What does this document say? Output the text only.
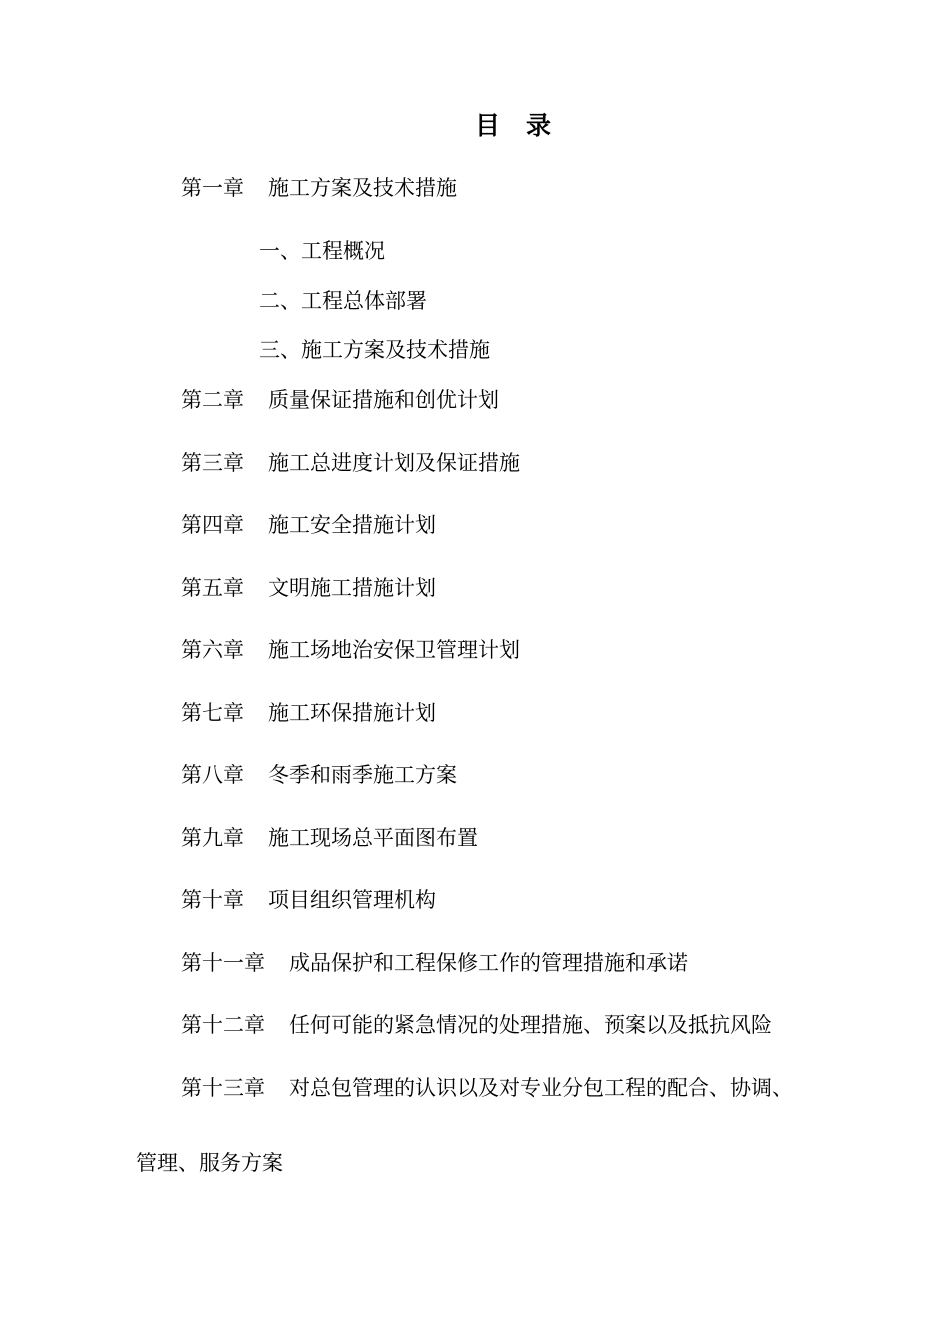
目 录
第一章 施工方案及技术措施
一、工程概况
二、工程总体部署
三、施工方案及技术措施
第二章 质量保证措施和创优计划
第三章 施工总进度计划及保证措施
第四章 施工安全措施计划
第五章 文明施工措施计划
第六章 施工场地治安保卫管理计划
第七章 施工环保措施计划
第八章 冬季和雨季施工方案
第九章 施工现场总平面图布置
第十章 项目组织管理机构
第十一章 成品保护和工程保修工作的管理措施和承诺
第十二章 任何可能的紧急情况的处理措施、预案以及抵抗风险
第十三章 对总包管理的认识以及对专业分包工程的配合、协调、
管理、服务方案
